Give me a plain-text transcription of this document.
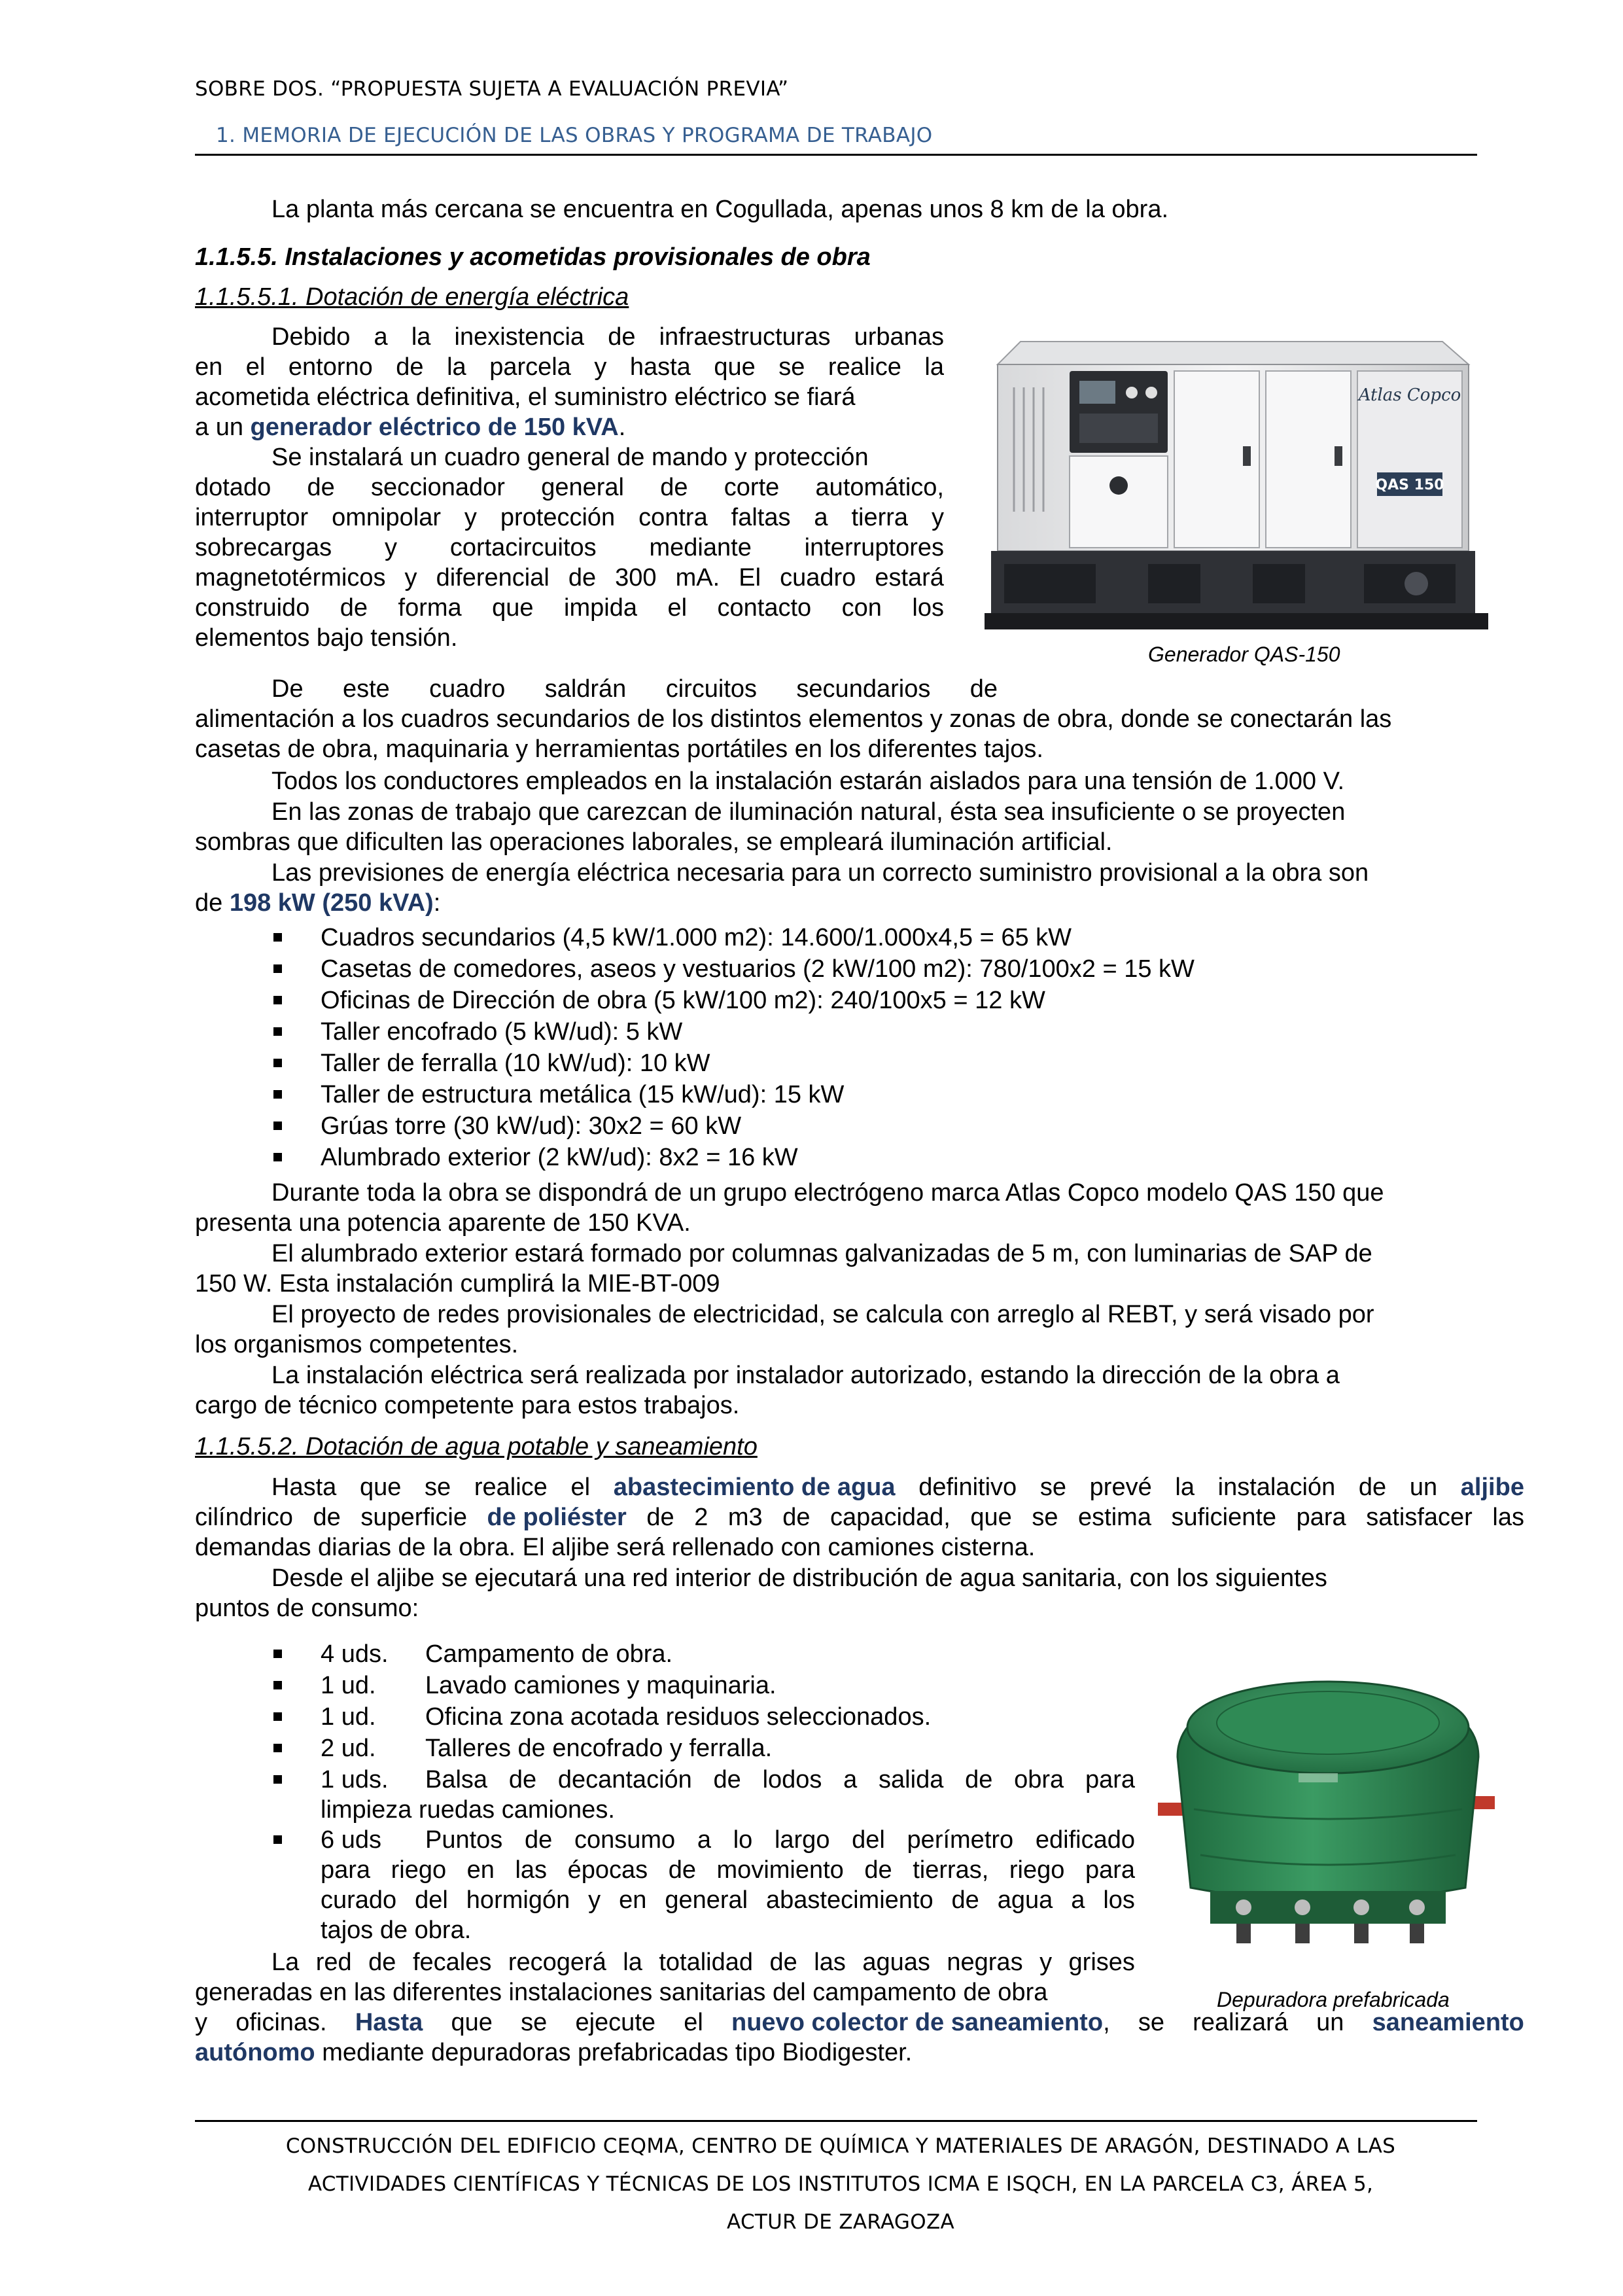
SOBRE DOS. “PROPUESTA SUJETA A EVALUACIÓN PREVIA”
1. MEMORIA DE EJECUCIÓN DE LAS OBRAS Y PROGRAMA DE TRABAJO
La planta más cercana se encuentra en Cogullada, apenas unos 8 km de la obra.
1.1.5.5. Instalaciones y acometidas provisionales de obra
1.1.5.5.1. Dotación de energía eléctrica
Debido a la inexistencia de infraestructuras urbanas
en el entorno de la parcela y hasta que se realice la
acometida eléctrica definitiva, el suministro eléctrico se fiará
a un generador eléctrico de 150 kVA.
Se instalará un cuadro general de mando y protección
dotado de seccionador general de corte automático,
interruptor omnipolar y protección contra faltas a tierra y
sobrecargas y cortacircuitos mediante interruptores
magnetotérmicos y diferencial de 300 mA. El cuadro estará
construido de forma que impida el contacto con los
elementos bajo tensión.
Atlas Copco
QAS 150
Generador QAS-150
De este cuadro saldrán circuitos secundarios de
alimentación a los cuadros secundarios de los distintos elementos y zonas de obra, donde se conectarán las
casetas de obra, maquinaria y herramientas portátiles en los diferentes tajos.
Todos los conductores empleados en la instalación estarán aislados para una tensión de 1.000 V.
En las zonas de trabajo que carezcan de iluminación natural, ésta sea insuficiente o se proyecten
sombras que dificulten las operaciones laborales, se empleará iluminación artificial.
Las previsiones de energía eléctrica necesaria para un correcto suministro provisional a la obra son
de 198 kW (250 kVA):
Cuadros secundarios (4,5 kW/1.000 m2): 14.600/1.000x4,5 = 65 kW
Casetas de comedores, aseos y vestuarios (2 kW/100 m2): 780/100x2 = 15 kW
Oficinas de Dirección de obra (5 kW/100 m2): 240/100x5 = 12 kW
Taller encofrado (5 kW/ud): 5 kW
Taller de ferralla (10 kW/ud): 10 kW
Taller de estructura metálica (15 kW/ud): 15 kW
Grúas torre (30 kW/ud): 30x2 = 60 kW
Alumbrado exterior (2 kW/ud): 8x2 = 16 kW
Durante toda la obra se dispondrá de un grupo electrógeno marca Atlas Copco modelo QAS 150 que
presenta una potencia aparente de 150 KVA.
El alumbrado exterior estará formado por columnas galvanizadas de 5 m, con luminarias de SAP de
150 W. Esta instalación cumplirá la MIE-BT-009
El proyecto de redes provisionales de electricidad, se calcula con arreglo al REBT, y será visado por
los organismos competentes.
La instalación eléctrica será realizada por instalador autorizado, estando la dirección de la obra a
cargo de técnico competente para estos trabajos.
1.1.5.5.2. Dotación de agua potable y saneamiento
Hasta que se realice el abastecimiento de agua definitivo se prevé la instalación de un aljibe
cilíndrico de superficie de poliéster de 2 m3 de capacidad, que se estima suficiente para satisfacer las
demandas diarias de la obra. El aljibe será rellenado con camiones cisterna.
Desde el aljibe se ejecutará una red interior de distribución de agua sanitaria, con los siguientes
puntos de consumo:
4 uds. Campamento de obra.
1 ud. Lavado camiones y maquinaria.
1 ud. Oficina zona acotada residuos seleccionados.
2 ud. Talleres de encofrado y ferralla.
1 uds. Balsa de decantación de lodos a salida de obra para
limpieza ruedas camiones.
6 uds Puntos de consumo a lo largo del perímetro edificado
para riego en las épocas de movimiento de tierras, riego para
curado del hormigón y en general abastecimiento de agua a los
tajos de obra.
Depuradora prefabricada
La red de fecales recogerá la totalidad de las aguas negras y grises
generadas en las diferentes instalaciones sanitarias del campamento de obra
y oficinas. Hasta que se ejecute el nuevo colector de saneamiento, se realizará un saneamiento
autónomo mediante depuradoras prefabricadas tipo Biodigester.
CONSTRUCCIÓN DEL EDIFICIO CEQMA, CENTRO DE QUÍMICA Y MATERIALES DE ARAGÓN, DESTINADO A LAS
ACTIVIDADES CIENTÍFICAS Y TÉCNICAS DE LOS INSTITUTOS ICMA E ISQCH, EN LA PARCELA C3, ÁREA 5,
ACTUR DE ZARAGOZA
